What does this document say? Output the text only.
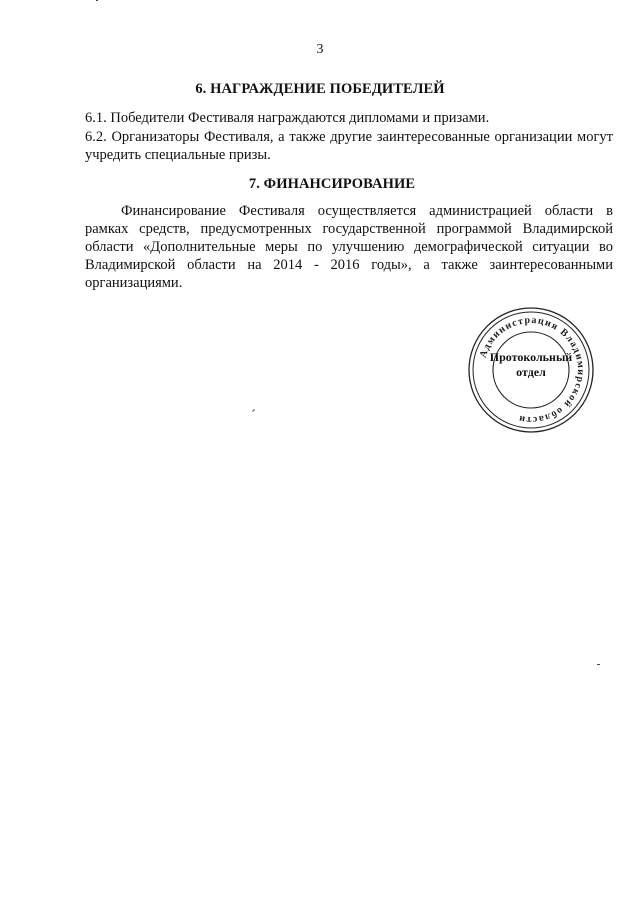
3
6. НАГРАЖДЕНИЕ ПОБЕДИТЕЛЕЙ
6.1. Победители Фестиваля награждаются дипломами и призами.
6.2. Организаторы Фестиваля, а также другие заинтересованные организации могут учредить специальные призы.
7. ФИНАНСИРОВАНИЕ
Финансирование Фестиваля осуществляется администрацией области в рамках средств, предусмотренных государственной программой Владимирской области «Дополнительные меры по улучшению демографической ситуации во Владимирской области на 2014 - 2016 годы», а также заинтересованными организациями.
Администрация Владимирской области
Протокольный
отдел
